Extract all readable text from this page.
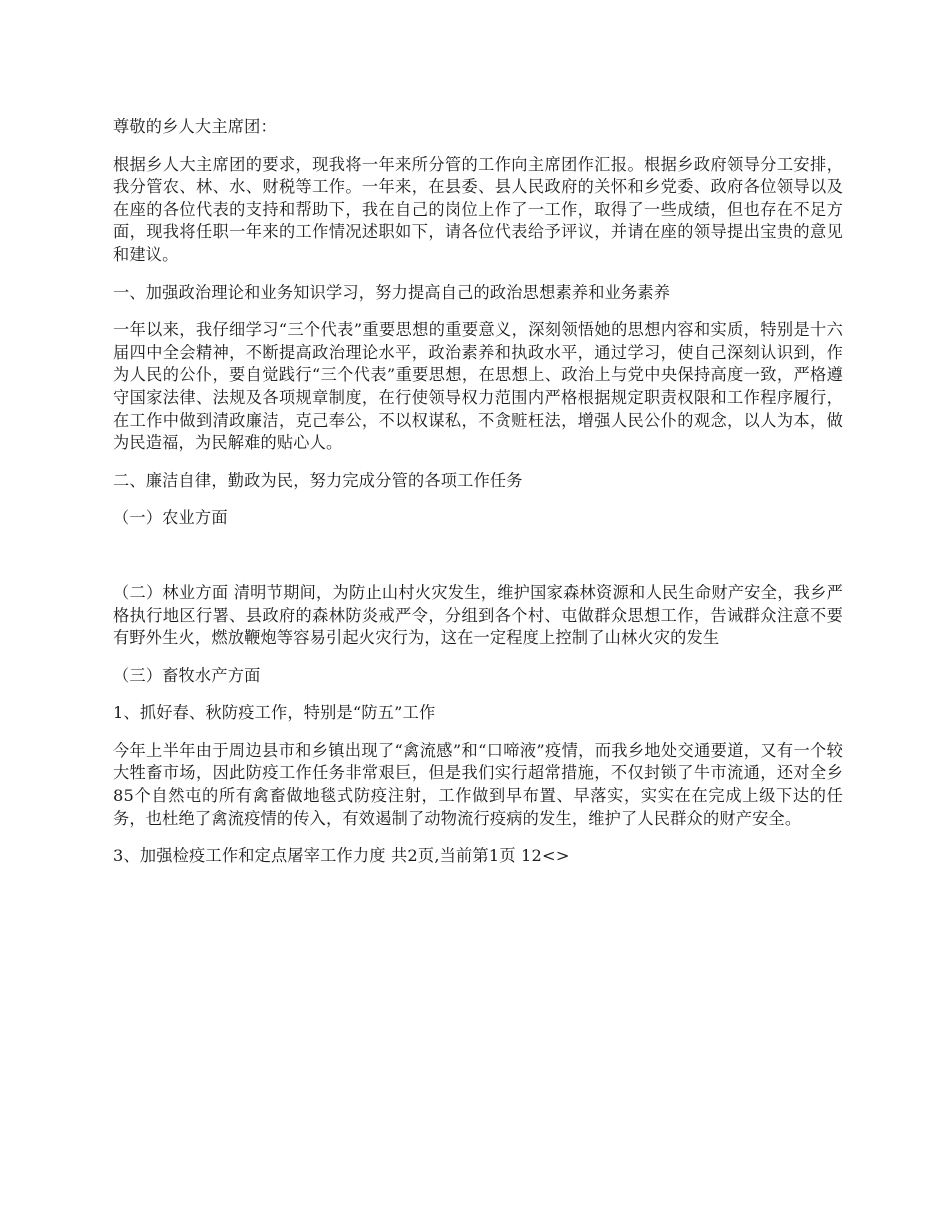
尊敬的乡人大主席团：

根据乡人大主席团的要求，现我将一年来所分管的工作向主席团作汇报。根据乡政府领导分工安排，我分管农、林、水、财税等工作。一年来，在县委、县人民政府的关怀和乡党委、政府各位领导以及在座的各位代表的支持和帮助下，我在自己的岗位上作了一工作，取得了一些成绩，但也存在不足方面，现我将任职一年来的工作情况述职如下，请各位代表给予评议，并请在座的领导提出宝贵的意见和建议。

一、加强政治理论和业务知识学习，努力提高自己的政治思想素养和业务素养

一年以来，我仔细学习“三个代表”重要思想的重要意义，深刻领悟她的思想内容和实质，特别是十六届四中全会精神，不断提高政治理论水平，政治素养和执政水平，通过学习，使自己深刻认识到，作为人民的公仆，要自觉践行“三个代表”重要思想，在思想上、政治上与党中央保持高度一致，严格遵守国家法律、法规及各项规章制度，在行使领导权力范围内严格根据规定职责权限和工作程序履行，在工作中做到清政廉洁，克己奉公，不以权谋私，不贪赃枉法，增强人民公仆的观念，以人为本，做为民造福，为民解难的贴心人。

二、廉洁自律，勤政为民，努力完成分管的各项工作任务

（一）农业方面

（二）林业方面 清明节期间，为防止山村火灾发生，维护国家森林资源和人民生命财产安全，我乡严格执行地区行署、县政府的森林防炎戒严令，分组到各个村、屯做群众思想工作，告诫群众注意不要有野外生火，燃放鞭炮等容易引起火灾行为，这在一定程度上控制了山林火灾的发生

（三）畜牧水产方面

1、抓好春、秋防疫工作，特别是“防五”工作

今年上半年由于周边县市和乡镇出现了“禽流感”和“口啼液”疫情，而我乡地处交通要道，又有一个较大牲畜市场，因此防疫工作任务非常艰巨，但是我们实行超常措施，不仅封锁了牛市流通，还对全乡85个自然屯的所有禽畜做地毯式防疫注射，工作做到早布置、早落实，实实在在完成上级下达的任务，也杜绝了禽流疫情的传入，有效遏制了动物流行疫病的发生，维护了人民群众的财产安全。

3、加强检疫工作和定点屠宰工作力度 共2页,当前第1页 12<>
